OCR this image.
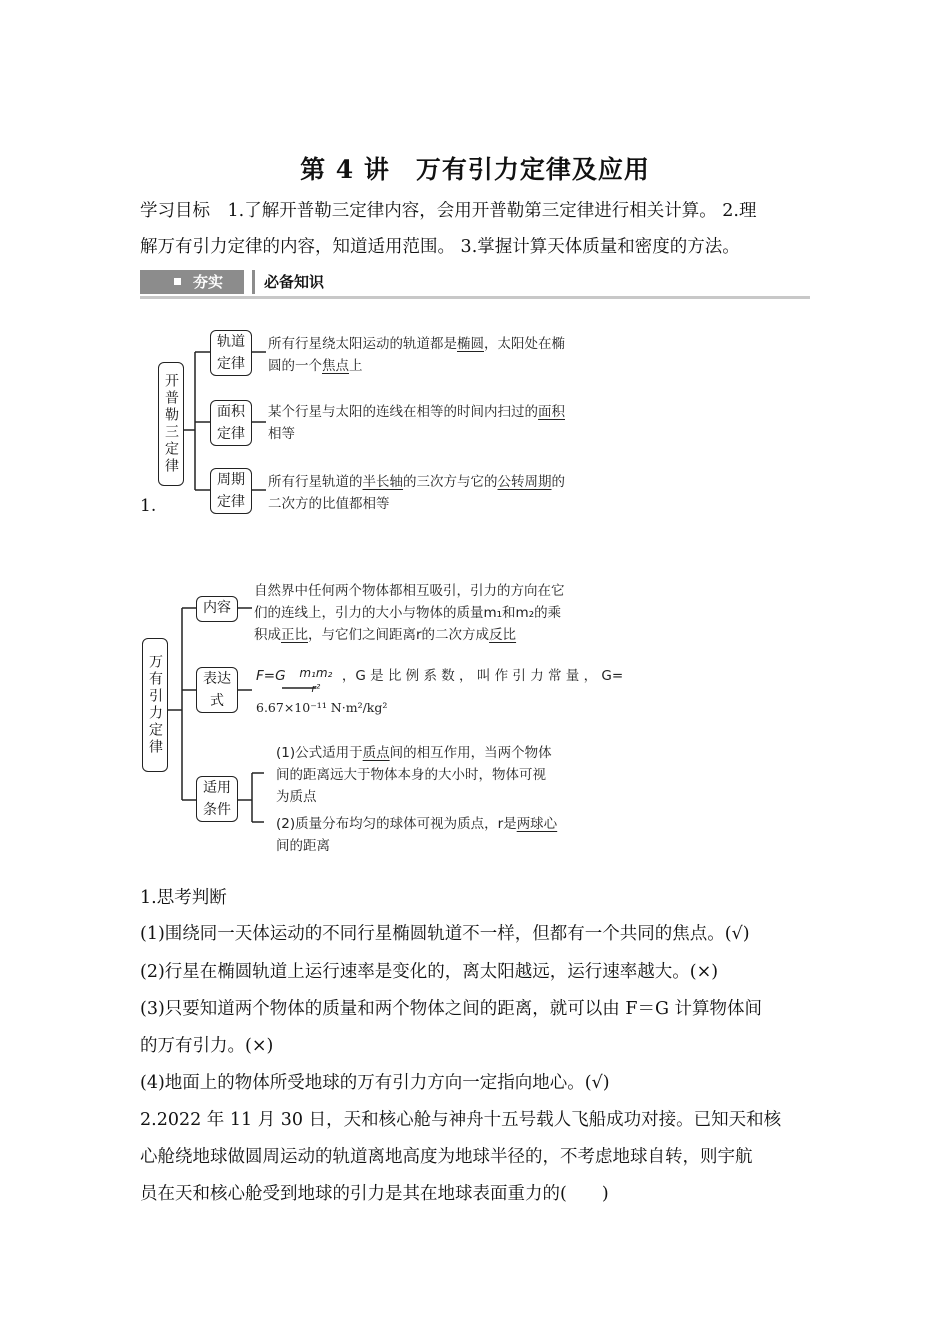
第 4 讲　万有引力定律及应用
学习目标　1.了解开普勒三定律内容，会用开普勒第三定律进行相关计算。 2.理
解万有引力定律的内容，知道适用范围。 3.掌握计算天体质量和密度的方法。
夯实	必备知识
开普勒三定律
轨道定律
所有行星绕太阳运动的轨道都是椭圆，太阳处在椭
圆的一个焦点上
面积定律
某个行星与太阳的连线在相等的时间内扫过的面积
相等
周期定律
所有行星轨道的半长轴的三次方与它的公转周期的
二次方的比值都相等
1.
万有引力定律
内容
自然界中任何两个物体都相互吸引，引力的方向在它
们的连线上，引力的大小与物体的质量m₁和m₂的乘
积成正比，与它们之间距离r的二次方成反比
表达式
F=G	m₁m₂
r²
，G 是 比 例 系 数 ， 叫 作 引 力 常 量 ， G=
6.67×10⁻¹¹ N·m²/kg²
适用条件
(1)公式适用于质点间的相互作用，当两个物体
间的距离远大于物体本身的大小时，物体可视
为质点
(2)质量分布均匀的球体可视为质点，r是两球心
间的距离
1.思考判断
(1)围绕同一天体运动的不同行星椭圆轨道不一样，但都有一个共同的焦点。(√)
(2)行星在椭圆轨道上运行速率是变化的，离太阳越远，运行速率越大。(×)
(3)只要知道两个物体的质量和两个物体之间的距离，就可以由 F＝G 计算物体间
的万有引力。(×)
(4)地面上的物体所受地球的万有引力方向一定指向地心。(√)
2.2022 年 11 月 30 日，天和核心舱与神舟十五号载人飞船成功对接。已知天和核
心舱绕地球做圆周运动的轨道离地高度为地球半径的，不考虑地球自转，则宇航
员在天和核心舱受到地球的引力是其在地球表面重力的(　　)
